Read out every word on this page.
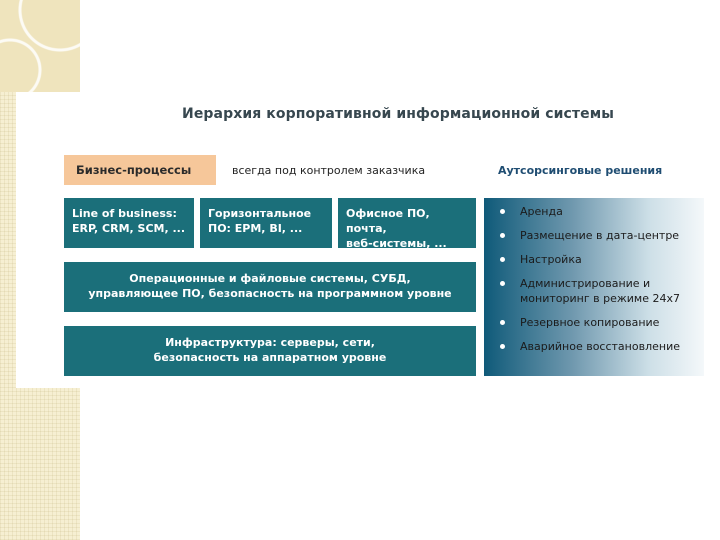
Иерархия корпоративной информационной системы
Бизнес-процессы	всегда под контролем заказчика	Аутсорсинговые решения
Line of business:
ERP, CRM, SCM, ...
Горизонтальное
ПО: EPM, BI, ...
Офисное ПО, почта,
веб-системы, ...
Операционные и файловые системы, СУБД,
управляющее ПО, безопасность на программном уровне
Инфраструктура: серверы, сети,
безопасность на аппаратном уровне
Аренда
Размещение в дата-центре
Настройка
Администрирование и мониторинг в режиме 24x7
Резервное копирование
Аварийное восстановление
